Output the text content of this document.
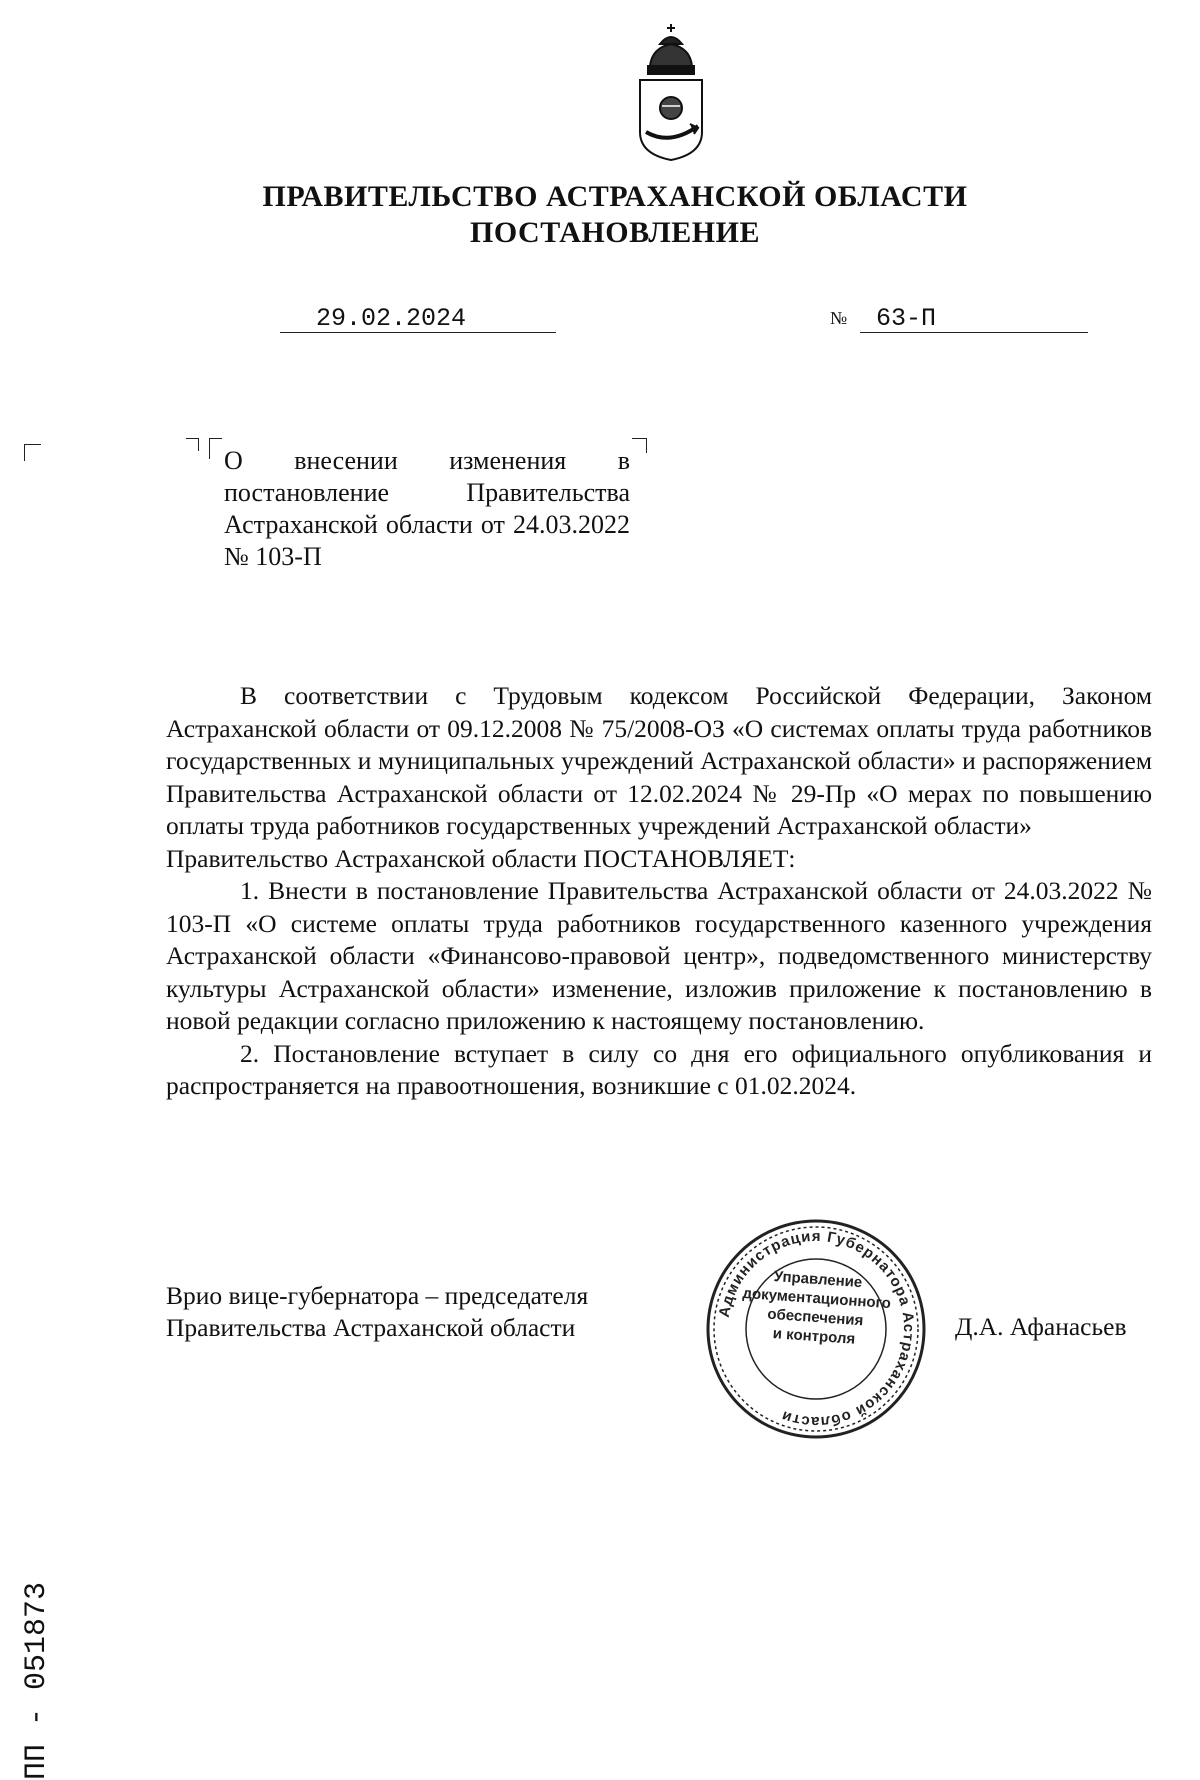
ПРАВИТЕЛЬСТВО АСТРАХАНСКОЙ ОБЛАСТИ
ПОСТАНОВЛЕНИЕ
29.02.2024	№	63-П
О внесении изменения в постановление Правительства Астраханской области от 24.03.2022 № 103-П

В соответствии с Трудовым кодексом Российской Федерации, Законом Астраханской области от 09.12.2008 № 75/2008-ОЗ «О системах оплаты труда работников государственных и муниципальных учреждений Астраханской области» и распоряжением Правительства Астраханской области от 12.02.2024 № 29-Пр «О мерах по повышению оплаты труда работников государственных учреждений Астраханской области»

Правительство Астраханской области ПОСТАНОВЛЯЕТ:

1. Внести в постановление Правительства Астраханской области от 24.03.2022 № 103-П «О системе оплаты труда работников государственного казенного учреждения Астраханской области «Финансово-правовой центр», подведомственного министерству культуры Астраханской области» изменение, изложив приложение к постановлению в новой редакции согласно приложению к настоящему постановлению.

2. Постановление вступает в силу со дня его официального опубликования и распространяется на правоотношения, возникшие с 01.02.2024.

Врио вице-губернатора – председателя
Правительства Астраханской области
Администрация Губернатора Астраханской области
Управление
документационного
обеспечения
и контроля	Д.А. Афанасьев
ПП - 051873
